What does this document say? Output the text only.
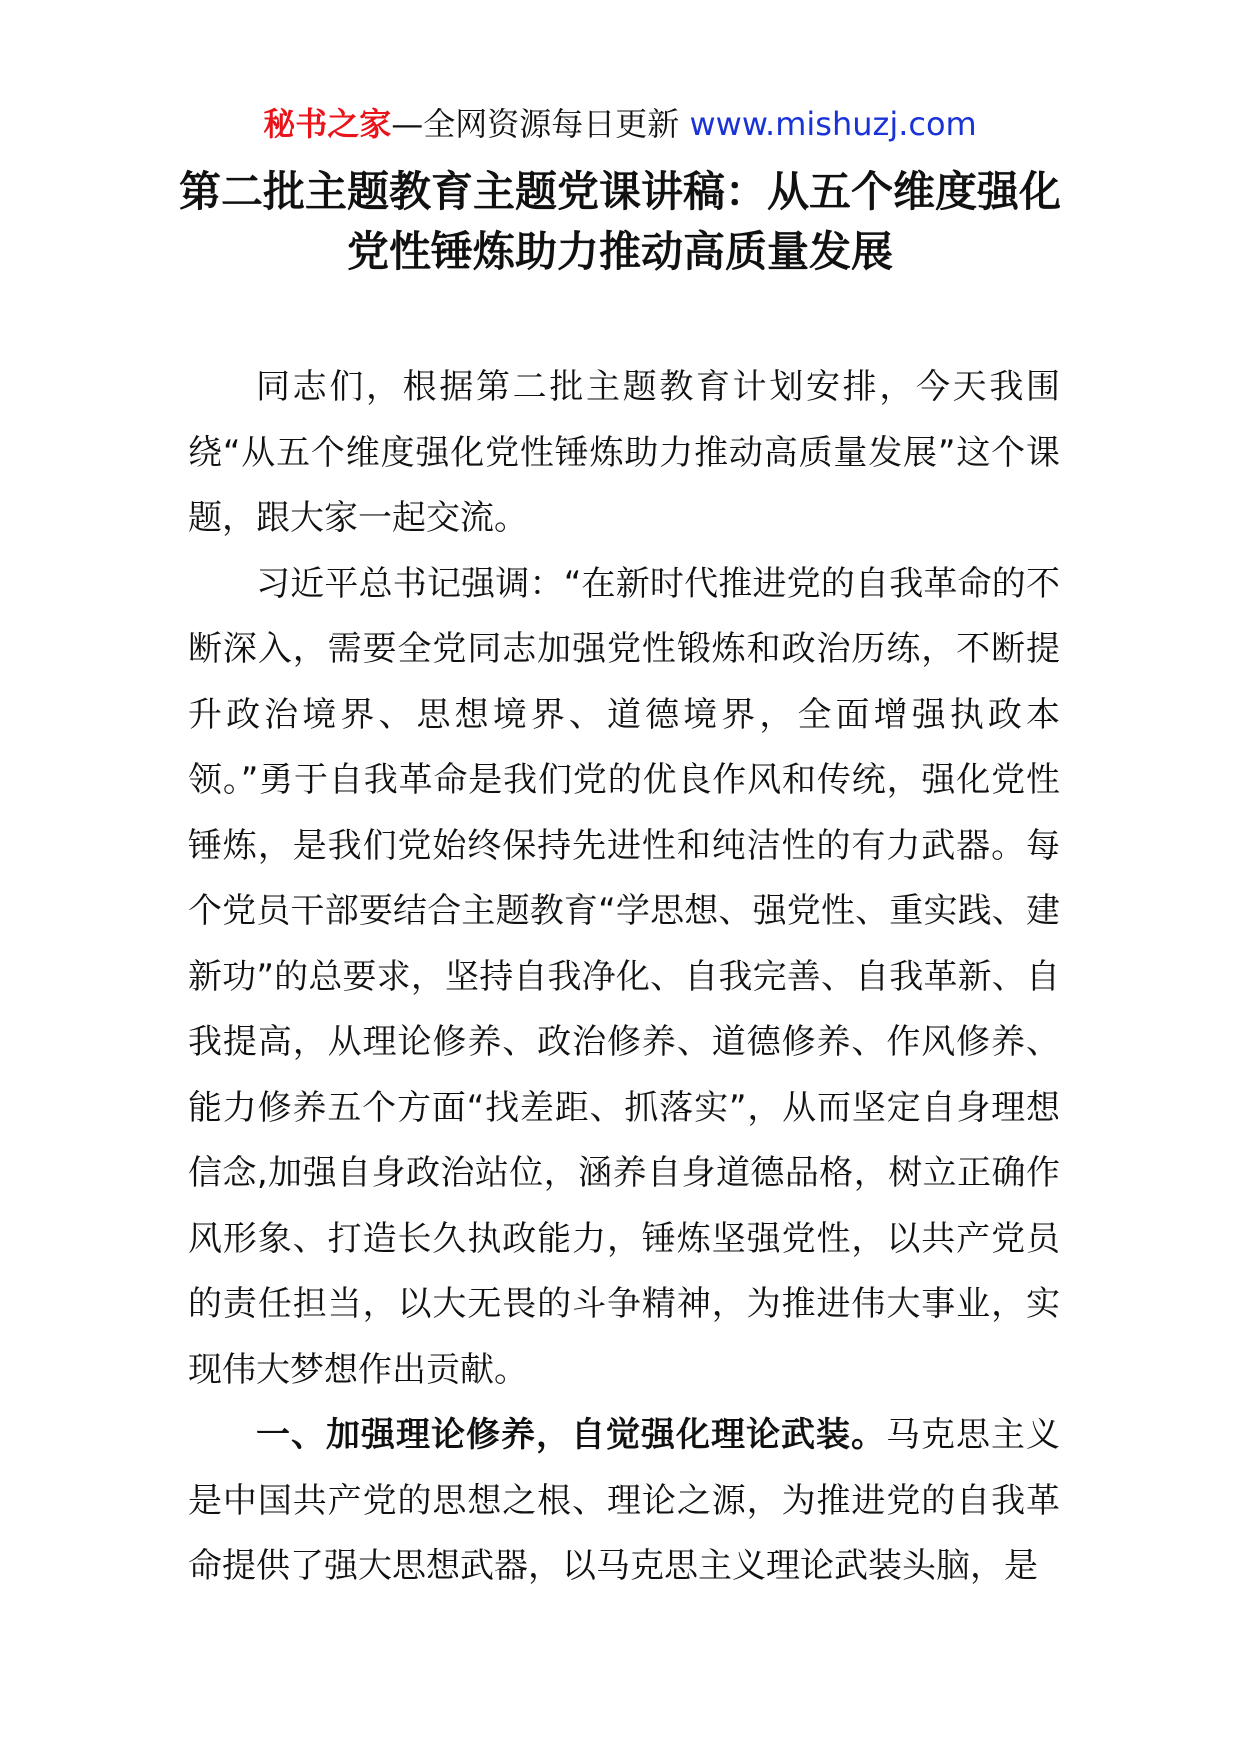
秘书之家—全网资源每日更新 www.mishuzj.com
第二批主题教育主题党课讲稿：从五个维度强化党性锤炼助力推动高质量发展

同志们，根据第二批主题教育计划安排，今天我围绕“从五个维度强化党性锤炼助力推动高质量发展”这个课题，跟大家一起交流。

习近平总书记强调：“在新时代推进党的自我革命的不断深入，需要全党同志加强党性锻炼和政治历练，不断提升政治境界、思想境界、道德境界，全面增强执政本领。”勇于自我革命是我们党的优良作风和传统，强化党性锤炼，是我们党始终保持先进性和纯洁性的有力武器。每个党员干部要结合主题教育“学思想、强党性、重实践、建新功”的总要求，坚持自我净化、自我完善、自我革新、自我提高，从理论修养、政治修养、道德修养、作风修养、能力修养五个方面“找差距、抓落实”，从而坚定自身理想信念,加强自身政治站位，涵养自身道德品格，树立正确作风形象、打造长久执政能力，锤炼坚强党性，以共产党员的责任担当，以大无畏的斗争精神，为推进伟大事业，实现伟大梦想作出贡献。

一、加强理论修养，自觉强化理论武装。马克思主义是中国共产党的思想之根、理论之源，为推进党的自我革命提供了强大思想武器，以马克思主义理论武装头脑，是
